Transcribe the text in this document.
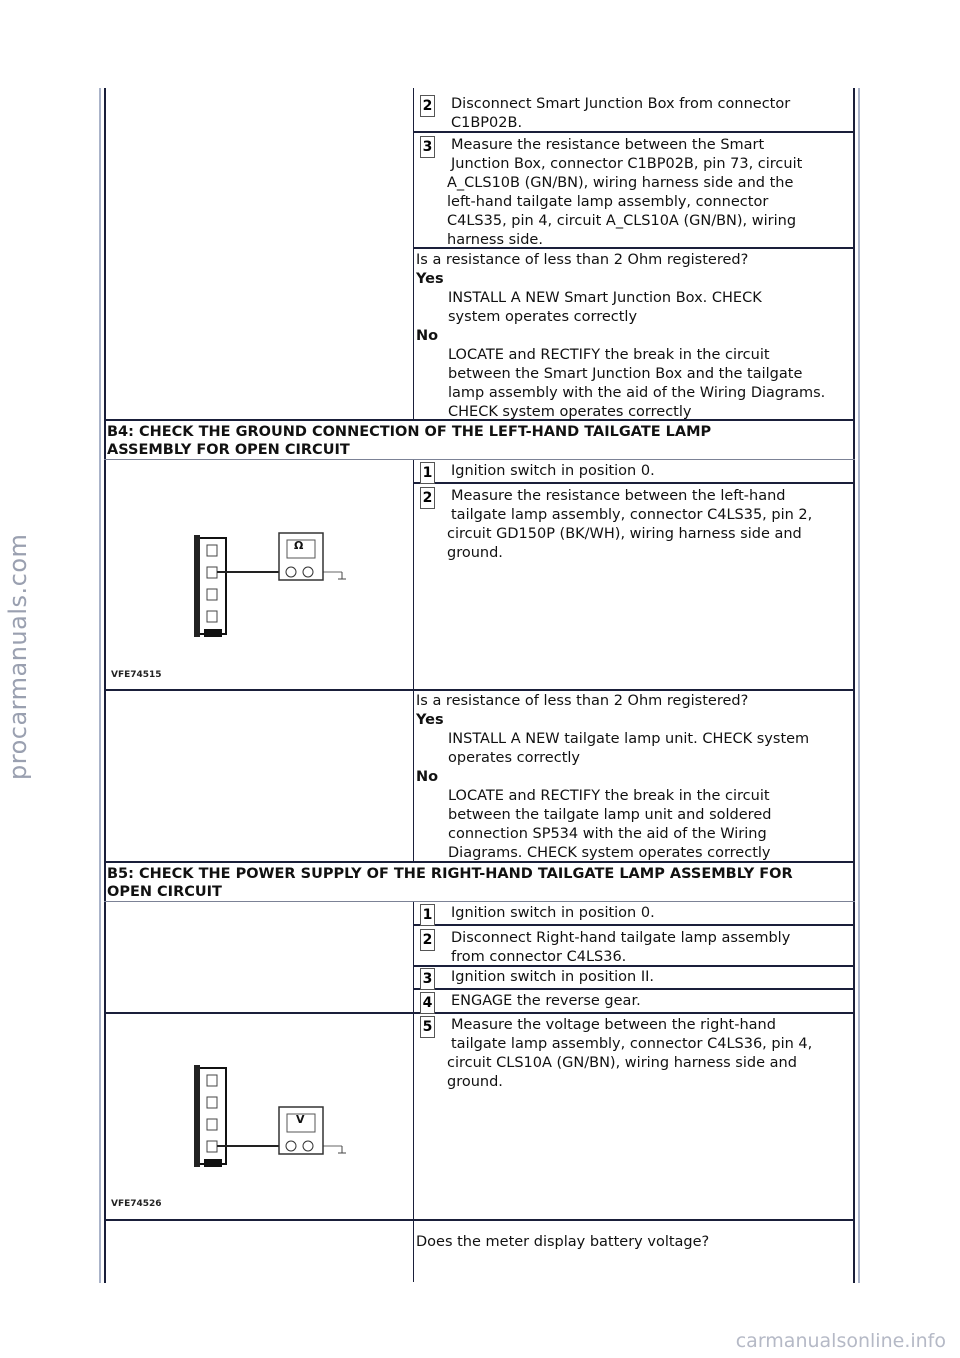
2	Disconnect Smart Junction Box from connector
C1BP02B.
3	Measure the resistance between the Smart
Junction Box, connector C1BP02B, pin 73, circuit
A_CLS10B (GN/BN), wiring harness side and the
left-hand tailgate lamp assembly, connector
C4LS35, pin 4, circuit A_CLS10A (GN/BN), wiring
harness side.
Is a resistance of less than 2 Ohm registered?
Yes
INSTALL A NEW Smart Junction Box. CHECK
system operates correctly
No
LOCATE and RECTIFY the break in the circuit
between the Smart Junction Box and the tailgate
lamp assembly with the aid of the Wiring Diagrams.
CHECK system operates correctly
B4: CHECK THE GROUND CONNECTION OF THE LEFT-HAND TAILGATE LAMP
ASSEMBLY FOR OPEN CIRCUIT
1	Ignition switch in position 0.
2	Measure the resistance between the left-hand
tailgate lamp assembly, connector C4LS35, pin 2,
circuit GD150P (BK/WH), wiring harness side and
ground.
Ω
VFE74515
Is a resistance of less than 2 Ohm registered?
Yes
INSTALL A NEW tailgate lamp unit. CHECK system
operates correctly
No
LOCATE and RECTIFY the break in the circuit
between the tailgate lamp unit and soldered
connection SP534 with the aid of the Wiring
Diagrams. CHECK system operates correctly
B5: CHECK THE POWER SUPPLY OF THE RIGHT-HAND TAILGATE LAMP ASSEMBLY FOR
OPEN CIRCUIT
1	Ignition switch in position 0.
2	Disconnect Right-hand tailgate lamp assembly
from connector C4LS36.
3	Ignition switch in position II.
4	ENGAGE the reverse gear.
5	Measure the voltage between the right-hand
tailgate lamp assembly, connector C4LS36, pin 4,
circuit CLS10A (GN/BN), wiring harness side and
ground.
V
VFE74526
Does the meter display battery voltage?
procarmanuals.com
carmanualsonline.info
